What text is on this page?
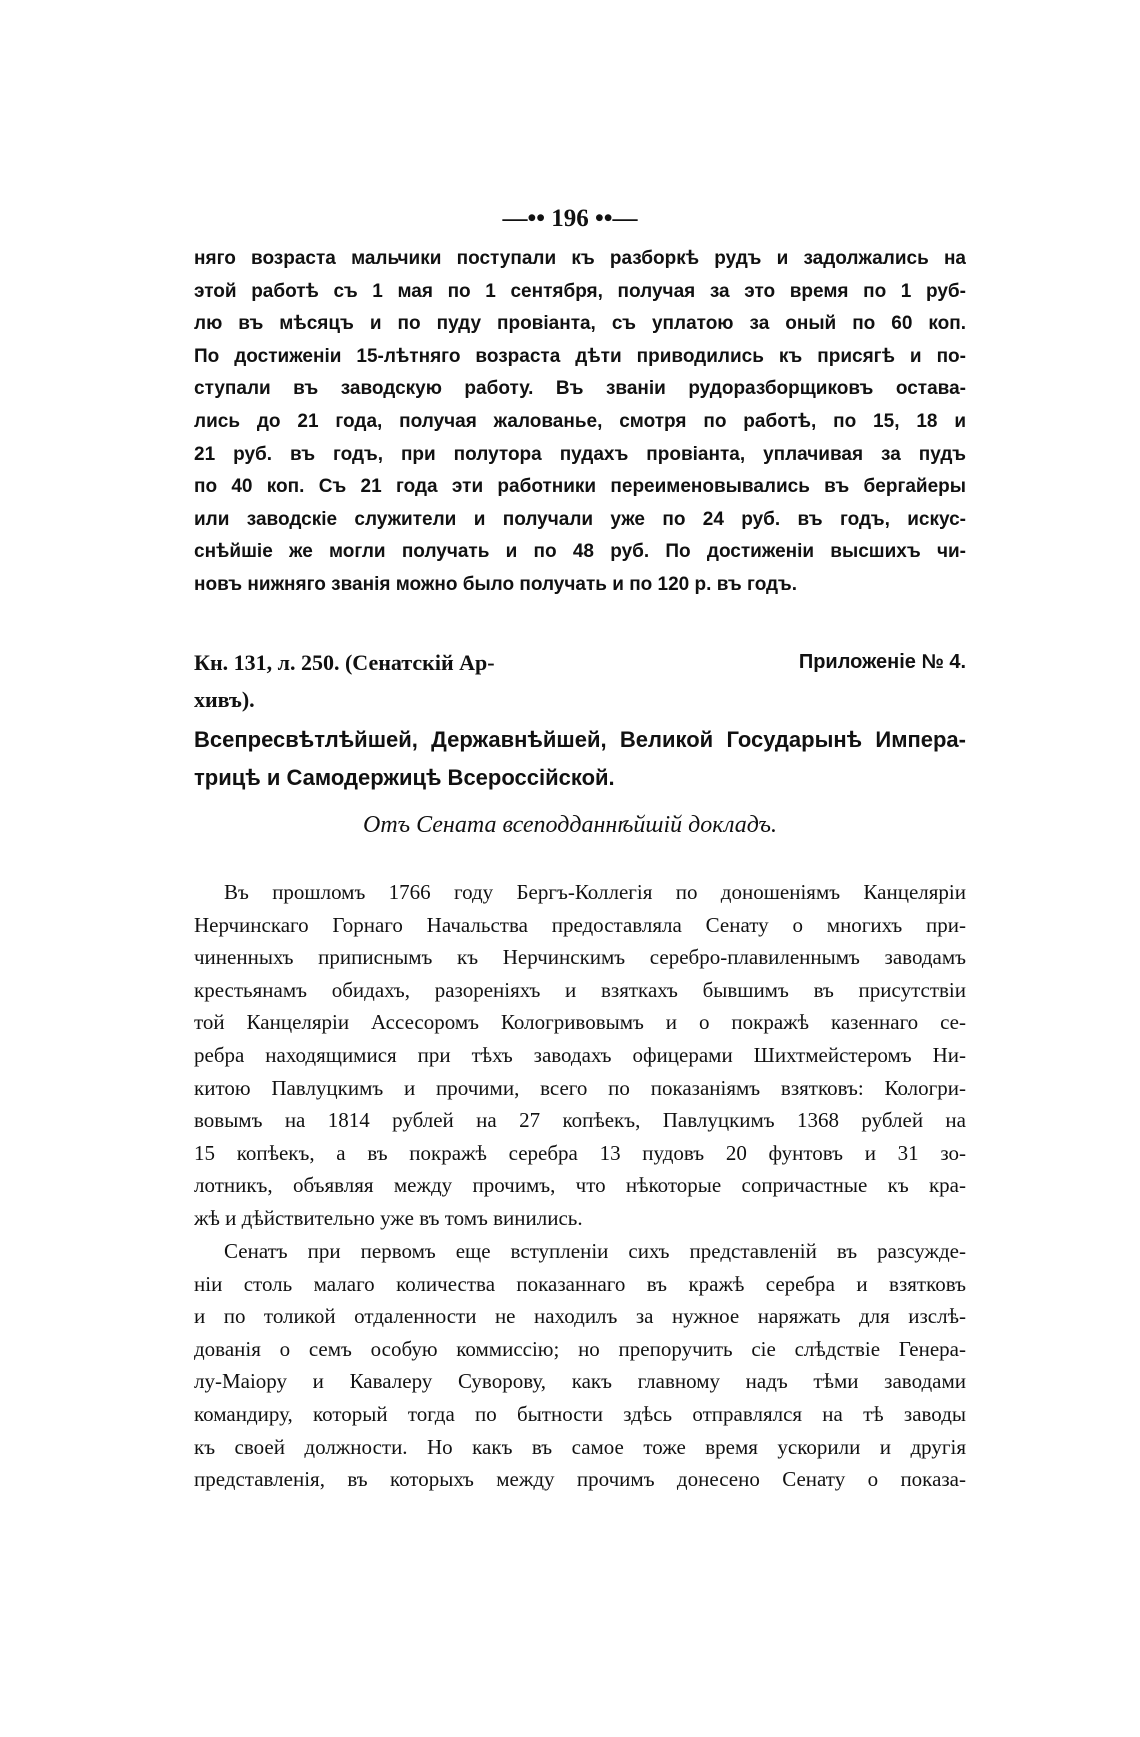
—•• 196 ••—
няго возраста мальчики поступали къ разборкѣ рудъ и задолжались на
этой работѣ съ 1 мая по 1 сентября, получая за это время по 1 руб-
лю въ мѣсяцъ и по пуду провіанта, съ уплатою за оный по 60 коп.
По достиженіи 15-лѣтняго возраста дѣти приводились къ присягѣ и по-
ступали въ заводскую работу. Въ званіи рудоразборщиковъ остава-
лись до 21 года, получая жалованье, смотря по работѣ, по 15, 18 и
21 руб. въ годъ, при полутора пудахъ провіанта, уплачивая за пудъ
по 40 коп. Съ 21 года эти работники переименовывались въ бергайеры
или заводскіе служители и получали уже по 24 руб. въ годъ, искус-
снѣйшіе же могли получать и по 48 руб. По достиженіи высшихъ чи-
новъ нижняго званія можно было получать и по 120 р. въ годъ.
Кн. 131, л. 250. (Сенатскій Ар-
хивъ).
Приложеніе № 4.
Всепресвѣтлѣйшей, Державнѣйшей, Великой Государынѣ Импера-
трицѣ и Самодержицѣ Всероссійской.
Отъ Сената всеподданнѣйшій докладъ.
Въ прошломъ 1766 году Бергъ-Коллегія по доношеніямъ Канцеляріи
Нерчинскаго Горнаго Начальства предоставляла Сенату о многихъ при-
чиненныхъ приписнымъ къ Нерчинскимъ серебро-плавиленнымъ заводамъ
крестьянамъ обидахъ, разореніяхъ и взяткахъ бывшимъ въ присутствіи
той Канцеляріи Ассесоромъ Кологривовымъ и о покражѣ казеннаго се-
ребра находящимися при тѣхъ заводахъ офицерами Шихтмейстеромъ Ни-
китою Павлуцкимъ и прочими, всего по показаніямъ взятковъ: Кологри-
вовымъ на 1814 рублей на 27 копѣекъ, Павлуцкимъ 1368 рублей на
15 копѣекъ, а въ покражѣ серебра 13 пудовъ 20 фунтовъ и 31 зо-
лотникъ, объявляя между прочимъ, что нѣкоторые сопричастные къ кра-
жѣ и дѣйствительно уже въ томъ винились.
Сенатъ при первомъ еще вступленіи сихъ представленій въ разсужде-
ніи столь малаго количества показаннаго въ кражѣ серебра и взятковъ
и по толикой отдаленности не находилъ за нужное наряжать для изслѣ-
дованія о семъ особую коммиссію; но препоручить сіе слѣдствіе Генера-
лу-Маіору и Кавалеру Суворову, какъ главному надъ тѣми заводами
командиру, который тогда по бытности здѣсь отправлялся на тѣ заводы
къ своей должности. Но какъ въ самое тоже время ускорили и другія
представленія, въ которыхъ между прочимъ донесено Сенату о показа-
